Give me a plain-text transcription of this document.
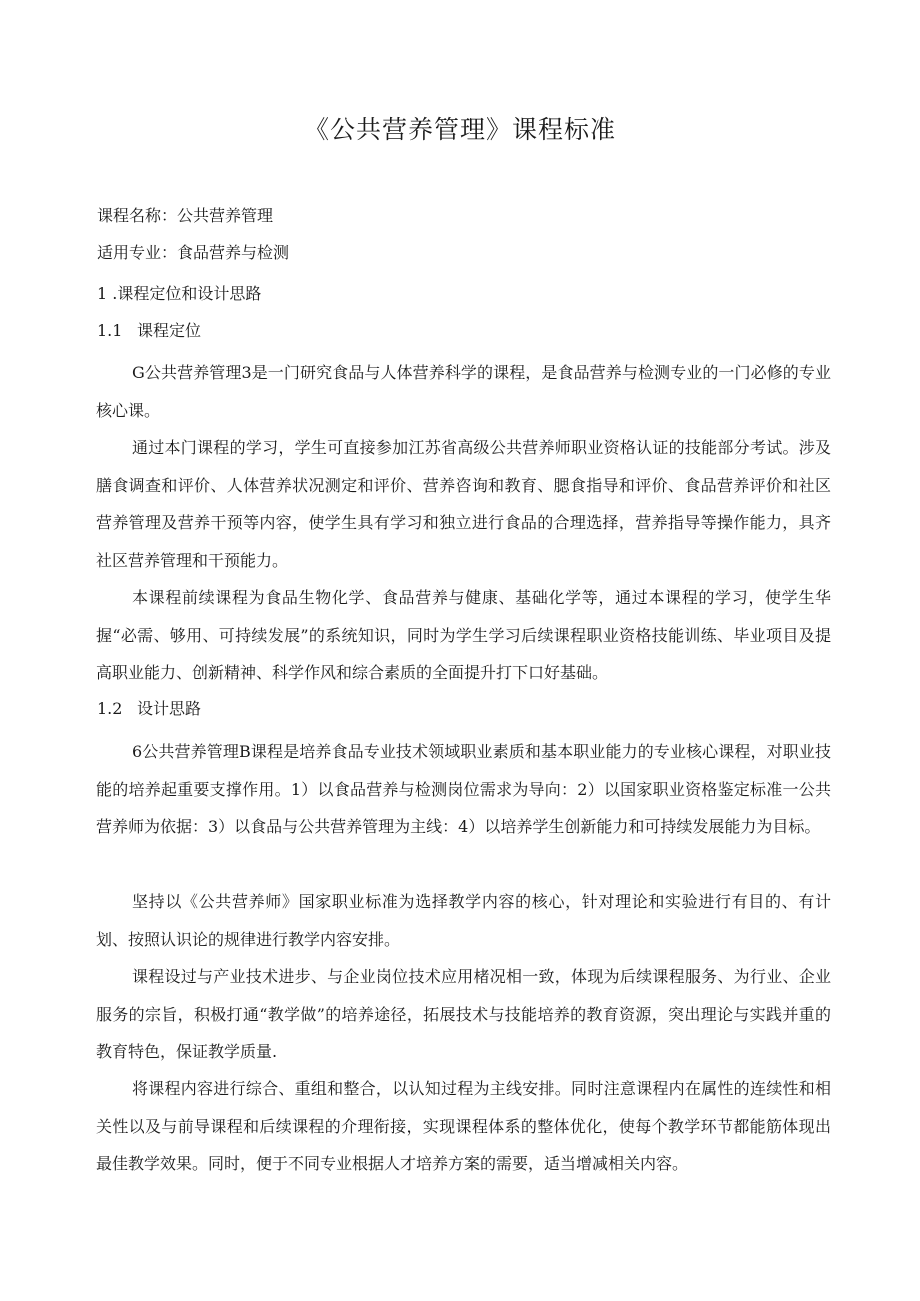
《公共营养管理》课程标准
课程名称：公共营养管理
适用专业：食品营养与检测
1 .课程定位和设计思路
1.1 课程定位

G公共营养管理3是一门研究食品与人体营养科学的课程，是食品营养与检测专业的一门必修的专业核心课。

通过本门课程的学习，学生可直接参加江苏省高级公共营养师职业资格认证的技能部分考试。涉及膳食调查和评价、人体营养状况测定和评价、营养咨询和教育、腮食指导和评价、食品营养评价和社区营养管理及营养干预等内容，使学生具有学习和独立进行食品的合理选择，营养指导等操作能力，具齐社区营养管理和干预能力。

本课程前续课程为食品生物化学、食品营养与健康、基础化学等，通过本课程的学习，使学生华握“必需、够用、可持续发展”的系统知识，同时为学生学习后续课程职业资格技能训练、毕业项目及提高职业能力、创新精神、科学作风和综合素质的全面提升打下口好基础。

1.2 设计思路

6公共营养管理B课程是培养食品专业技术领域职业素质和基本职业能力的专业核心课程，对职业技能的培养起重要支撑作用。1）以食品营养与检测岗位需求为导向：2）以国家职业资格鉴定标准一公共营养师为依据：3）以食品与公共营养管理为主线：4）以培养学生创新能力和可持续发展能力为目标。

坚持以《公共营养师》国家职业标准为选择教学内容的核心，针对理论和实验进行有目的、有计划、按照认识论的规律进行教学内容安排。

课程设过与产业技术进步、与企业岗位技术应用楮况相一致，体现为后续课程服务、为行业、企业服务的宗旨，积极打通“教学做”的培养途径，拓展技术与技能培养的教育资源，突出理论与实践并重的教育特色，保证教学质量.

将课程内容进行综合、重组和整合，以认知过程为主线安排。同时注意课程内在属性的连续性和相关性以及与前导课程和后续课程的介理衔接，实现课程体系的整体优化，使每个教学环节都能筋体现出最佳教学效果。同时，便于不同专业根据人才培养方案的需要，适当增减相关内容。
